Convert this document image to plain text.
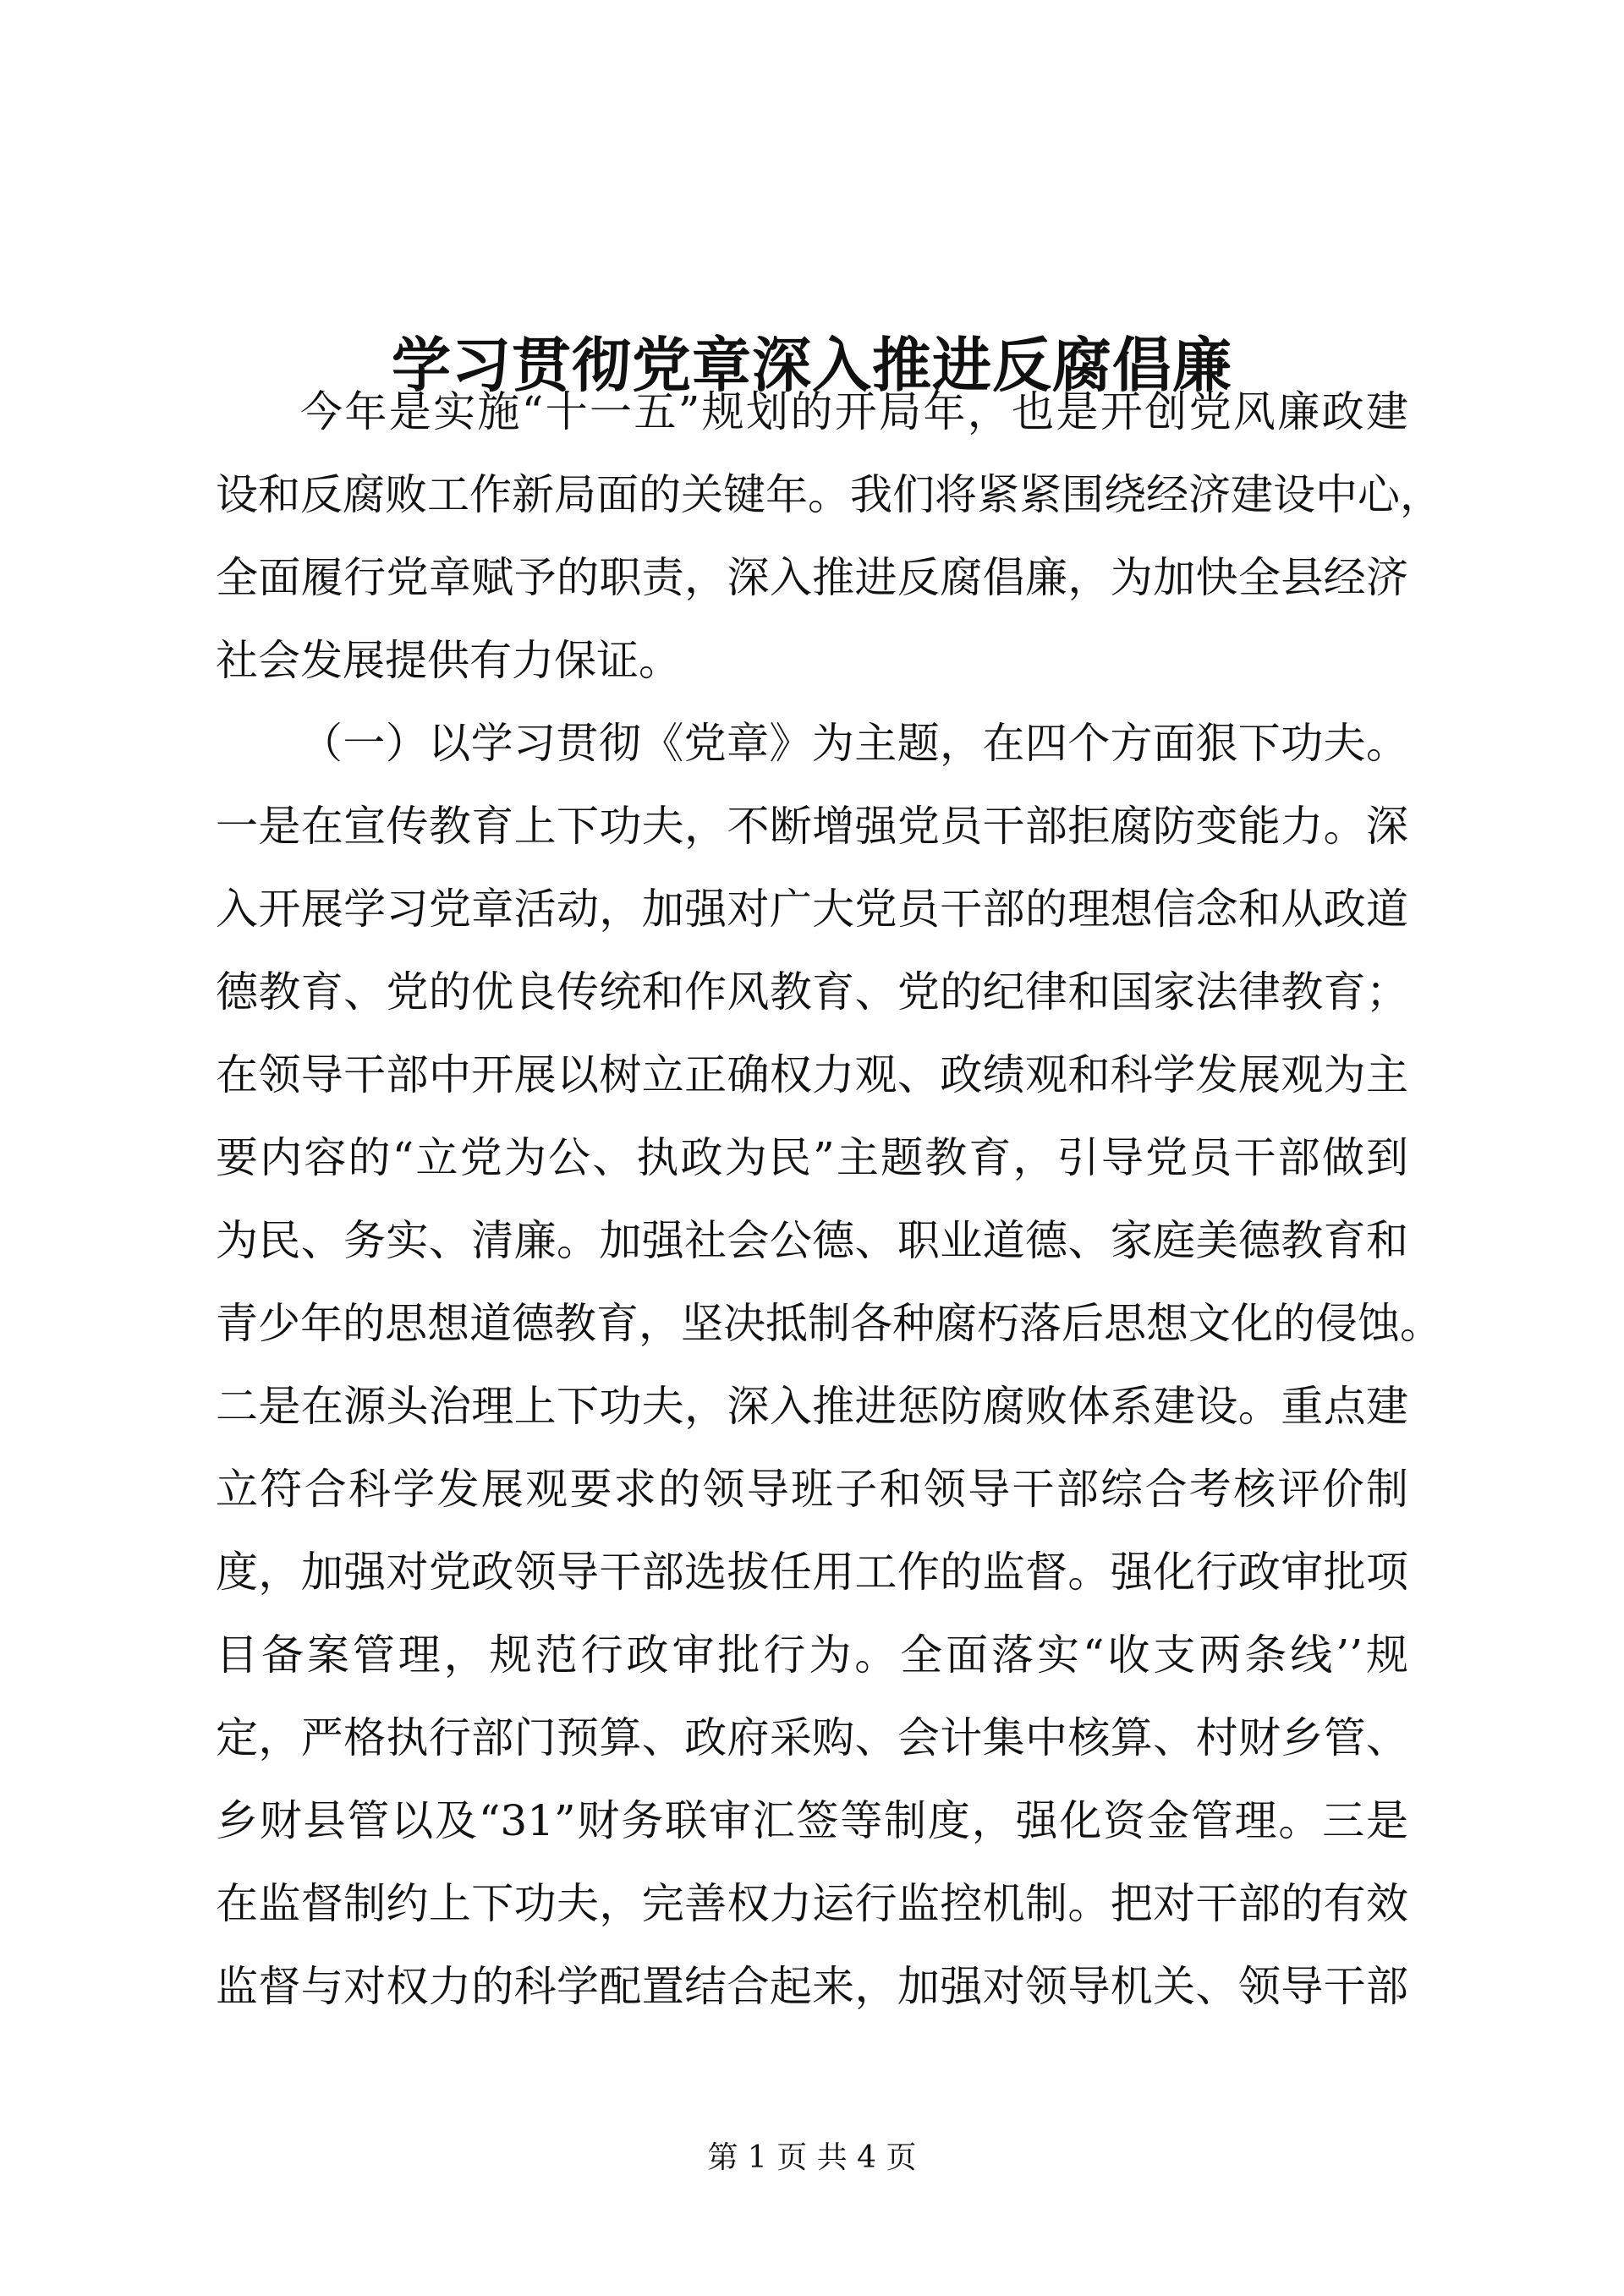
学习贯彻党章深入推进反腐倡廉
今年是实施“十一五”规划的开局年，也是开创党风廉政建
设和反腐败工作新局面的关键年。我们将紧紧围绕经济建设中心，
全面履行党章赋予的职责，深入推进反腐倡廉，为加快全县经济
社会发展提供有力保证。
（一）以学习贯彻《党章》为主题，在四个方面狠下功夫。
一是在宣传教育上下功夫，不断增强党员干部拒腐防变能力。深
入开展学习党章活动，加强对广大党员干部的理想信念和从政道
德教育、党的优良传统和作风教育、党的纪律和国家法律教育；
在领导干部中开展以树立正确权力观、政绩观和科学发展观为主
要内容的“立党为公、执政为民”主题教育，引导党员干部做到
为民、务实、清廉。加强社会公德、职业道德、家庭美德教育和
青少年的思想道德教育，坚决抵制各种腐朽落后思想文化的侵蚀。
二是在源头治理上下功夫，深入推进惩防腐败体系建设。重点建
立符合科学发展观要求的领导班子和领导干部综合考核评价制
度，加强对党政领导干部选拔任用工作的监督。强化行政审批项
目备案管理，规范行政审批行为。全面落实“收支两条线’’规
定，严格执行部门预算、政府采购、会计集中核算、村财乡管、
乡财县管以及“31”财务联审汇签等制度，强化资金管理。三是
在监督制约上下功夫，完善权力运行监控机制。把对干部的有效
监督与对权力的科学配置结合起来，加强对领导机关、领导干部
第 1 页 共 4 页
